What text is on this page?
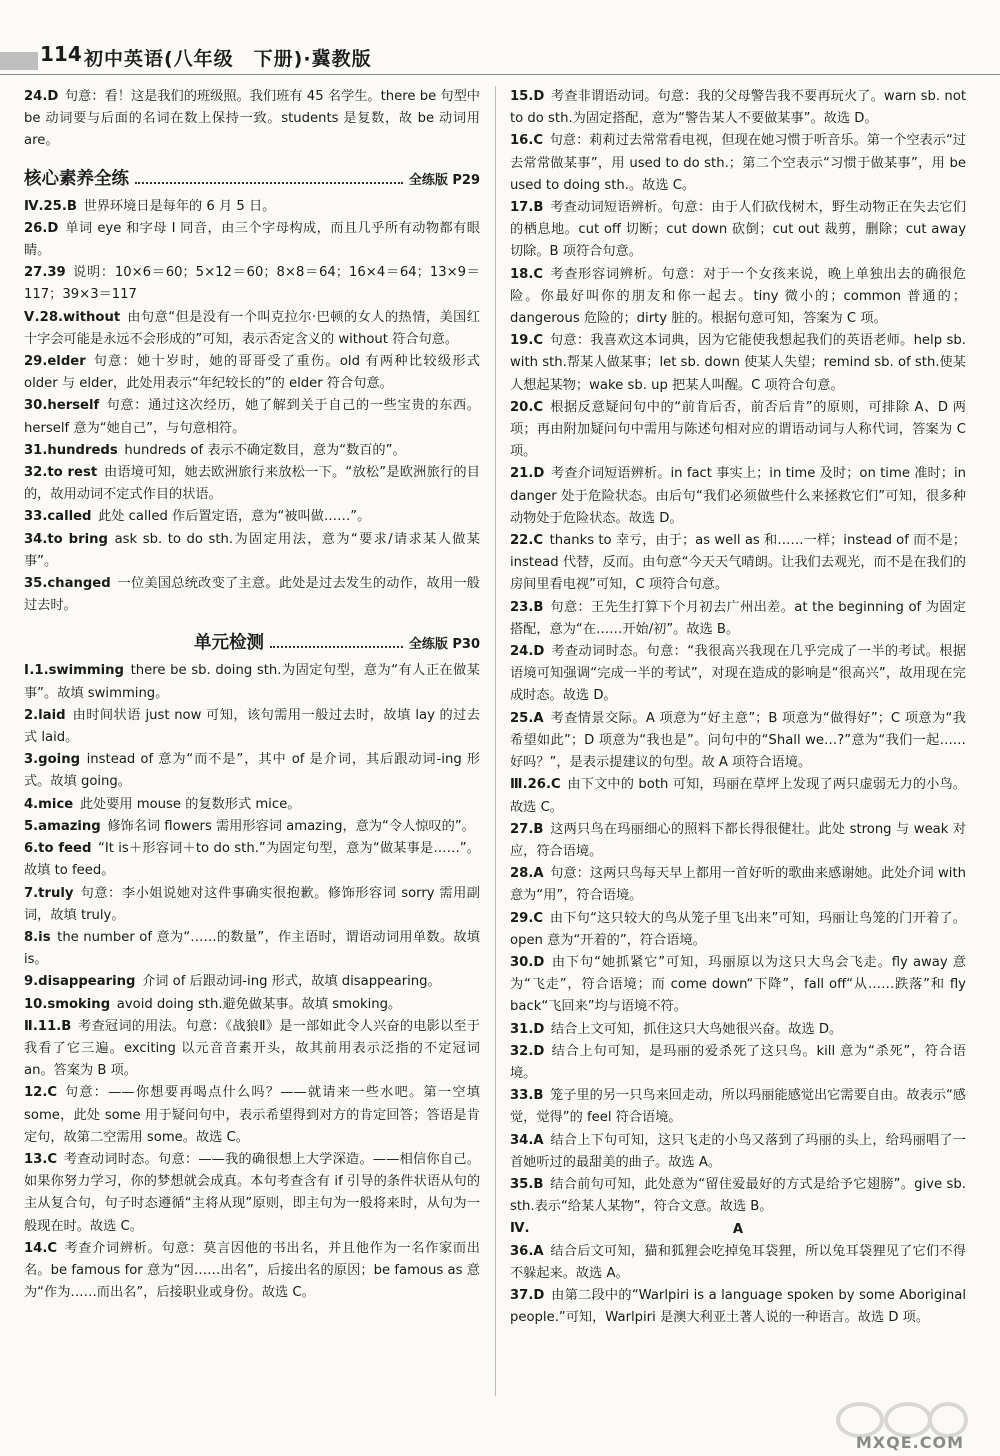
114 初中英语(八年级　下册)·冀教版

24.D  句意：看！这是我们的班级照。我们班有 45 名学生。there be 句型中 be 动词要与后面的名词在数上保持一致。students 是复数，故 be 动词用 are。

核心素养全练	全练版 P29

Ⅳ.25.B  世界环境日是每年的 6 月 5 日。

26.D  单词 eye 和字母 I 同音，由三个字母构成，而且几乎所有动物都有眼睛。

27.39  说明：10×6＝60；5×12＝60；8×8＝64；16×4＝64；13×9＝117；39×3＝117

Ⅴ.28.without  由句意“但是没有一个叫克拉尔·巴顿的女人的热情，美国红十字会可能是永远不会形成的”可知，表示否定含义的 without 符合句意。

29.elder  句意：她十岁时，她的哥哥受了重伤。old 有两种比较级形式 older 与 elder，此处用表示“年纪较长的”的 elder 符合句意。

30.herself  句意：通过这次经历，她了解到关于自己的一些宝贵的东西。herself 意为“她自己”，与句意相符。

31.hundreds  hundreds of 表示不确定数目，意为“数百的”。

32.to rest  由语境可知，她去欧洲旅行来放松一下。“放松”是欧洲旅行的目的，故用动词不定式作目的状语。

33.called  此处 called 作后置定语，意为“被叫做……”。

34.to bring  ask sb. to do sth.为固定用法，意为“要求/请求某人做某事”。

35.changed  一位美国总统改变了主意。此处是过去发生的动作，故用一般过去时。

单元检测	全练版 P30

Ⅰ.1.swimming  there be sb. doing sth.为固定句型，意为“有人正在做某事”。故填 swimming。

2.laid  由时间状语 just now 可知，该句需用一般过去时，故填 lay 的过去式 laid。

3.going  instead of 意为“而不是”，其中 of 是介词，其后跟动词-ing 形式。故填 going。

4.mice  此处要用 mouse 的复数形式 mice。

5.amazing  修饰名词 flowers 需用形容词 amazing，意为“令人惊叹的”。

6.to feed  “It is＋形容词＋to do sth.”为固定句型，意为“做某事是……”。故填 to feed。

7.truly  句意：李小姐说她对这件事确实很抱歉。修饰形容词 sorry 需用副词，故填 truly。

8.is  the number of 意为“……的数量”，作主语时，谓语动词用单数。故填 is。

9.disappearing  介词 of 后跟动词-ing 形式，故填 disappearing。

10.smoking  avoid doing sth.避免做某事。故填 smoking。

Ⅱ.11.B  考查冠词的用法。句意：《战狼Ⅱ》是一部如此令人兴奋的电影以至于我看了它三遍。exciting 以元音音素开头，故其前用表示泛指的不定冠词 an。答案为 B 项。

12.C  句意：——你想要再喝点什么吗？——就请来一些水吧。第一空填 some，此处 some 用于疑问句中，表示希望得到对方的肯定回答；答语是肯定句，故第二空需用 some。故选 C。

13.C  考查动词时态。句意：——我的确很想上大学深造。——相信你自己。如果你努力学习，你的梦想就会成真。本句考查含有 if 引导的条件状语从句的主从复合句，句子时态遵循“主将从现”原则，即主句为一般将来时，从句为一般现在时。故选 C。

14.C  考查介词辨析。句意：莫言因他的书出名，并且他作为一名作家而出名。be famous for 意为“因……出名”，后接出名的原因；be famous as 意为“作为……而出名”，后接职业或身份。故选 C。

15.D  考查非谓语动词。句意：我的父母警告我不要再玩火了。warn sb. not to do sth.为固定搭配，意为“警告某人不要做某事”。故选 D。

16.C  句意：莉莉过去常常看电视，但现在她习惯于听音乐。第一个空表示“过去常常做某事”，用 used to do sth.；第二个空表示“习惯于做某事”，用 be used to doing sth.。故选 C。

17.B  考查动词短语辨析。句意：由于人们砍伐树木，野生动物正在失去它们的栖息地。cut off 切断；cut down 砍倒；cut out 裁剪，删除；cut away 切除。B 项符合句意。

18.C  考查形容词辨析。句意：对于一个女孩来说，晚上单独出去的确很危险。你最好叫你的朋友和你一起去。tiny 微小的；common 普通的；dangerous 危险的；dirty 脏的。根据句意可知，答案为 C 项。

19.C  句意：我喜欢这本词典，因为它能使我想起我们的英语老师。help sb. with sth.帮某人做某事；let sb. down 使某人失望；remind sb. of sth.使某人想起某物；wake sb. up 把某人叫醒。C 项符合句意。

20.C  根据反意疑问句中的“前肯后否，前否后肯”的原则，可排除 A、D 两项；再由附加疑问句中需用与陈述句相对应的谓语动词与人称代词，答案为 C 项。

21.D  考查介词短语辨析。in fact 事实上；in time 及时；on time 准时；in danger 处于危险状态。由后句“我们必须做些什么来拯救它们”可知，很多种动物处于危险状态。故选 D。

22.C  thanks to 幸亏，由于；as well as 和……一样；instead of 而不是；instead 代替，反而。由句意“今天天气晴朗。让我们去观光，而不是在我们的房间里看电视”可知，C 项符合句意。

23.B  句意：王先生打算下个月初去广州出差。at the beginning of 为固定搭配，意为“在……开始/初”。故选 B。

24.D  考查动词时态。句意：“我很高兴我现在几乎完成了一半的考试。根据语境可知强调“完成一半的考试”，对现在造成的影响是“很高兴”，故用现在完成时态。故选 D。

25.A  考查情景交际。A 项意为“好主意”；B 项意为“做得好”；C 项意为“我希望如此”；D 项意为“我也是”。问句中的“Shall we…?”意为“我们一起……好吗？”，是表示提建议的句型。故 A 项符合语境。

Ⅲ.26.C  由下文中的 both 可知，玛丽在草坪上发现了两只虚弱无力的小鸟。故选 C。

27.B  这两只鸟在玛丽细心的照料下都长得很健壮。此处 strong 与 weak 对应，符合语境。

28.A  句意：这两只鸟每天早上都用一首好听的歌曲来感谢她。此处介词 with 意为“用”，符合语境。

29.C  由下句“这只较大的鸟从笼子里飞出来”可知，玛丽让鸟笼的门开着了。open 意为“开着的”，符合语境。

30.D  由下句“她抓紧它”可知，玛丽原以为这只大鸟会飞走。fly away 意为“飞走”，符合语境；而 come down“下降”，fall off“从……跌落”和 fly back“飞回来”均与语境不符。

31.D  结合上文可知，抓住这只大鸟她很兴奋。故选 D。

32.D  结合上句可知，是玛丽的爱杀死了这只鸟。kill 意为“杀死”，符合语境。

33.B  笼子里的另一只鸟来回走动，所以玛丽能感觉出它需要自由。故表示“感觉，觉得”的 feel 符合语境。

34.A  结合上下句可知，这只飞走的小鸟又落到了玛丽的头上，给玛丽唱了一首她听过的最甜美的曲子。故选 A。

35.B  结合前句可知，此处意为“留住爱最好的方式是给予它翅膀”。give sb. sth.表示“给某人某物”，符合文意。故选 B。

Ⅳ.	A

36.A  结合后文可知，猫和狐狸会吃掉兔耳袋狸，所以兔耳袋狸见了它们不得不躲起来。故选 A。

37.D  由第二段中的“Warlpiri is a language spoken by some Aboriginal people.”可知，Warlpiri 是澳大利亚土著人说的一种语言。故选 D 项。

MXQE.COM
